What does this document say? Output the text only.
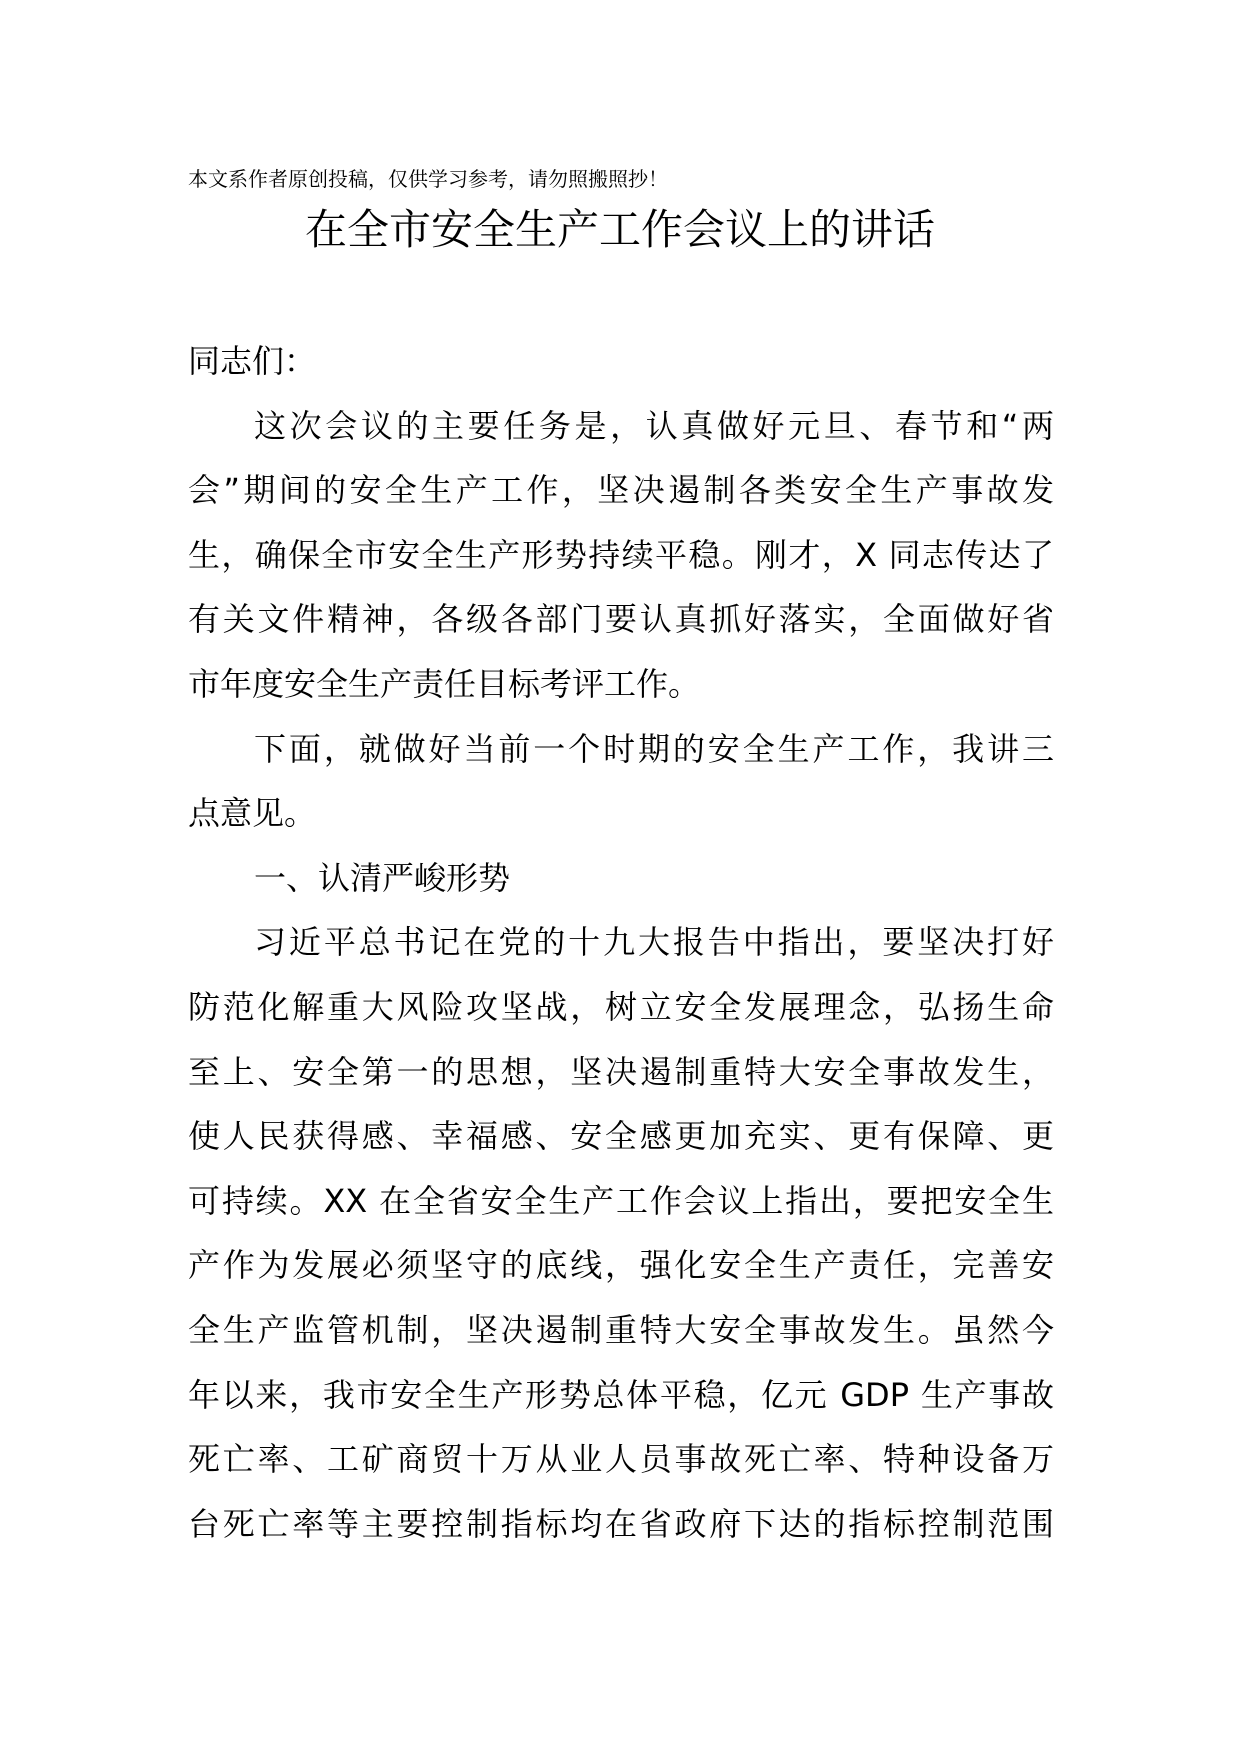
本文系作者原创投稿，仅供学习参考，请勿照搬照抄！
在全市安全生产工作会议上的讲话
同志们：
这次会议的主要任务是，认真做好元旦、春节和“两
会”期间的安全生产工作，坚决遏制各类安全生产事故发
生，确保全市安全生产形势持续平稳。刚才，X 同志传达了
有关文件精神，各级各部门要认真抓好落实，全面做好省
市年度安全生产责任目标考评工作。
下面，就做好当前一个时期的安全生产工作，我讲三
点意见。
一、认清严峻形势
习近平总书记在党的十九大报告中指出，要坚决打好
防范化解重大风险攻坚战，树立安全发展理念，弘扬生命
至上、安全第一的思想，坚决遏制重特大安全事故发生，
使人民获得感、幸福感、安全感更加充实、更有保障、更
可持续。XX 在全省安全生产工作会议上指出，要把安全生
产作为发展必须坚守的底线，强化安全生产责任，完善安
全生产监管机制，坚决遏制重特大安全事故发生。虽然今
年以来，我市安全生产形势总体平稳，亿元 GDP 生产事故
死亡率、工矿商贸十万从业人员事故死亡率、特种设备万
台死亡率等主要控制指标均在省政府下达的指标控制范围
